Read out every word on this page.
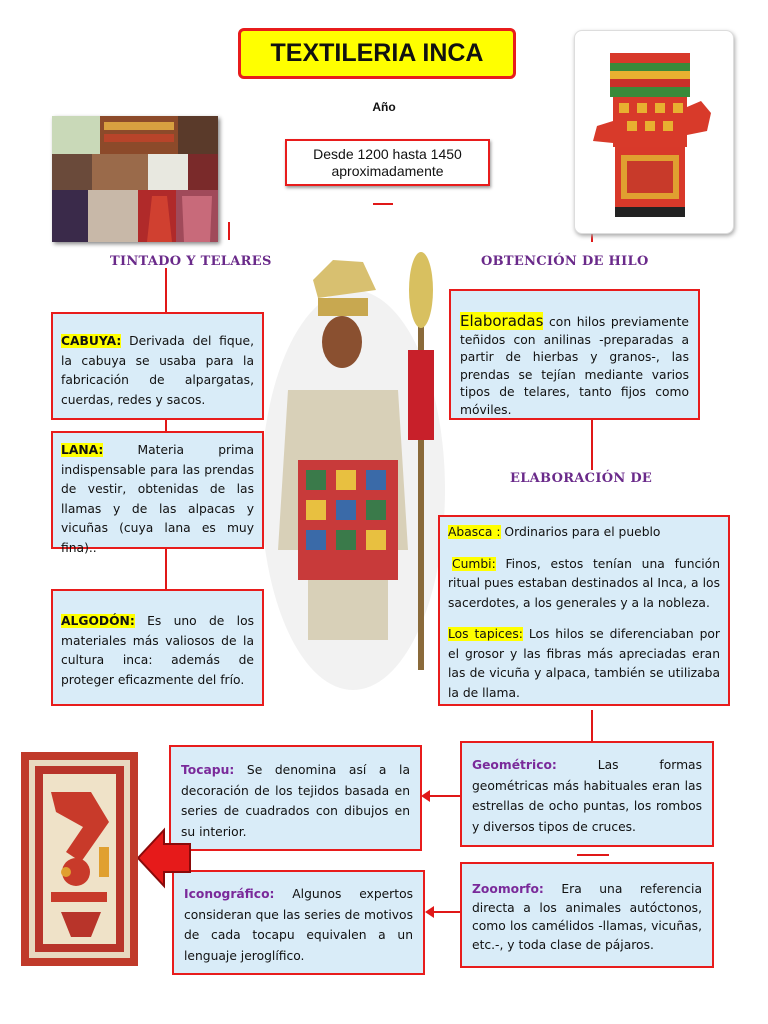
TEXTILERIA INCA
Año
Desde 1200 hasta 1450 aproximadamente
TINTADO Y TELARES	OBTENCIÓN DE HILO
ELABORACIÓN DE

CABUYA: Derivada del fique, la cabuya se usaba para la fabricación de alpargatas, cuerdas, redes y sacos.

LANA: Materia prima indispensable para las prendas de vestir, obtenidas de las llamas y de las alpacas y vicuñas (cuya lana es muy fina)..

ALGODÓN: Es uno de los materiales más valiosos de la cultura inca: además de proteger eficazmente del frío.

Elaboradas con hilos previamente teñidos con anilinas -preparadas a partir de hierbas y granos-, las prendas se tejían mediante varios tipos de telares, tanto fijos como móviles.

Abasca : Ordinarios para el pueblo

Cumbi: Finos, estos tenían una función ritual pues estaban destinados al Inca, a los sacerdotes, a los generales y a la nobleza.

Los tapices: Los hilos se diferenciaban por el grosor y las fibras más apreciadas eran las de vicuña y alpaca, también se utilizaba la de llama.

Geométrico: Las formas geométricas más habituales eran las estrellas de ocho puntas, los rombos y diversos tipos de cruces.

Tocapu: Se denomina así a la decoración de los tejidos basada en series de cuadrados con dibujos en su interior.

Zoomorfo: Era una referencia directa a los animales autóctonos, como los camélidos -llamas, vicuñas, etc.-, y toda clase de pájaros.

Iconográfico: Algunos expertos consideran que las series de motivos de cada tocapu equivalen a un lenguaje jeroglífico.
